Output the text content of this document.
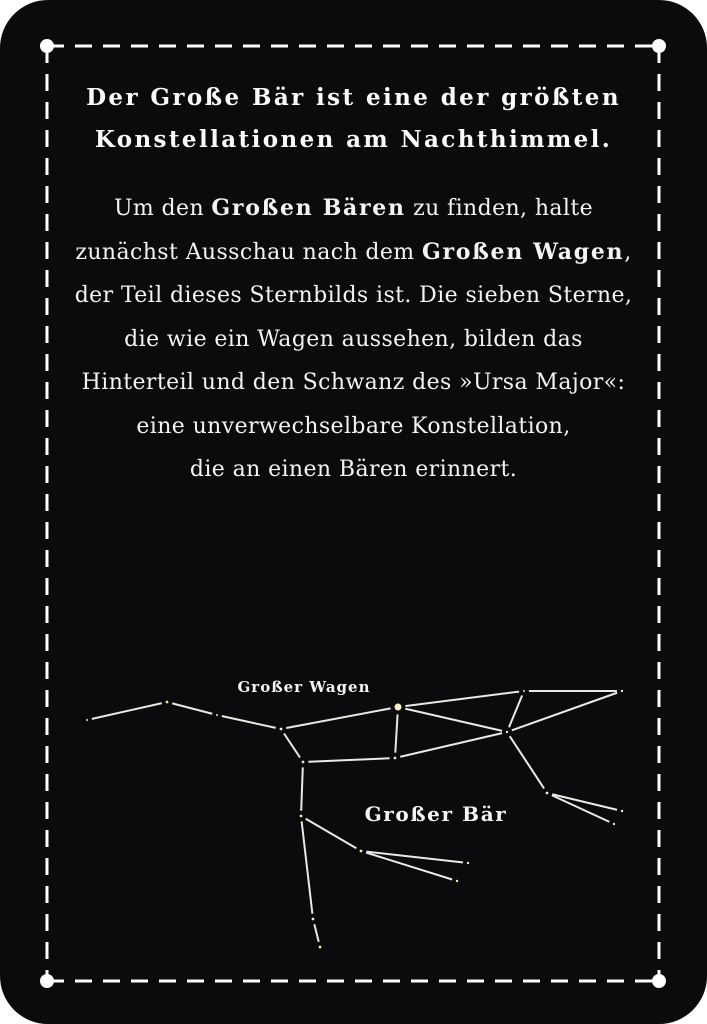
Der Große Bär ist eine der größten
Konstellationen am Nachthimmel.
Um den Großen Bären zu finden, halte
zunächst Ausschau nach dem Großen Wagen,
der Teil dieses Sternbilds ist. Die sieben Sterne,
die wie ein Wagen aussehen, bilden das
Hinterteil und den Schwanz des »Ursa Major«:
eine unverwechselbare Konstellation,
die an einen Bären erinnert.
Großer Wagen
Großer Bär
